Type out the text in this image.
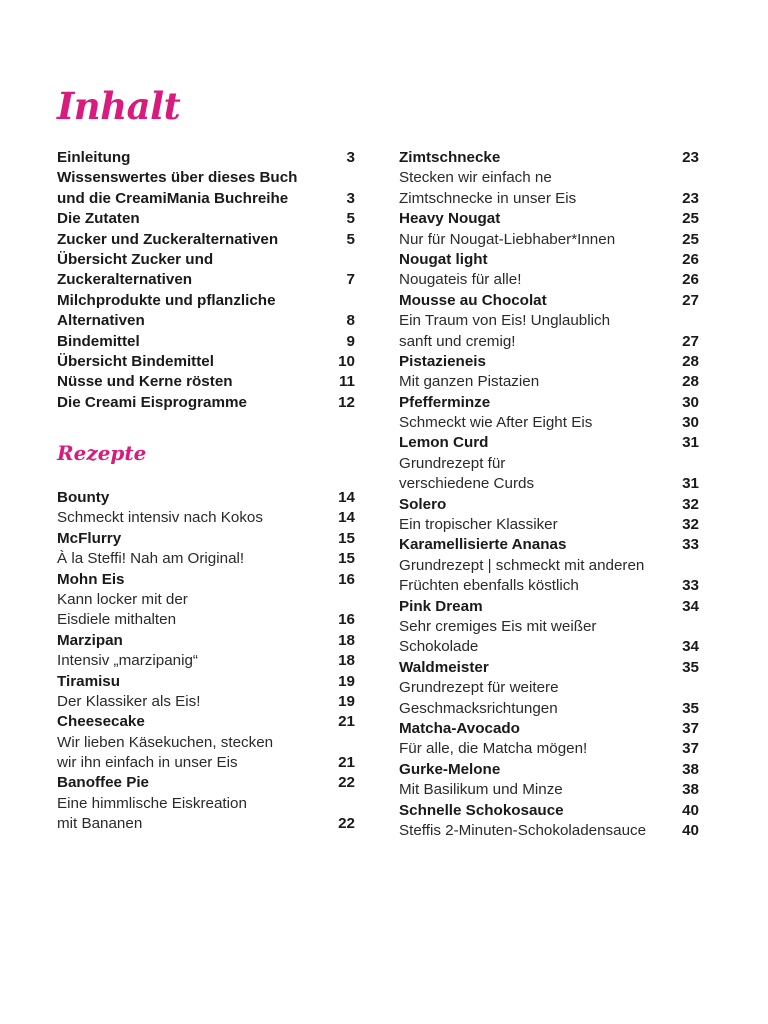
Inhalt
Einleitung	3
Wissenswertes über dieses Buch
und die CreamiMania Buchreihe	3
Die Zutaten	5
Zucker und Zuckeralternativen	5
Übersicht Zucker und
Zuckeralternativen	7
Milchprodukte und pflanzliche
Alternativen	8
Bindemittel	9
Übersicht Bindemittel	10
Nüsse und Kerne rösten	11
Die Creami Eisprogramme	12
Rezepte
Bounty	14
Schmeckt intensiv nach Kokos	14
McFlurry	15
À la Steffi! Nah am Original!	15
Mohn Eis	16
Kann locker mit der
Eisdiele mithalten	16
Marzipan	18
Intensiv „marzipanig“	18
Tiramisu	19
Der Klassiker als Eis!	19
Cheesecake	21
Wir lieben Käsekuchen, stecken
wir ihn einfach in unser Eis	21
Banoffee Pie	22
Eine himmlische Eiskreation
mit Bananen	22
Zimtschnecke	23
Stecken wir einfach ne
Zimtschnecke in unser Eis	23
Heavy Nougat	25
Nur für Nougat-Liebhaber*Innen	25
Nougat light	26
Nougateis für alle!	26
Mousse au Chocolat	27
Ein Traum von Eis! Unglaublich
sanft und cremig!	27
Pistazieneis	28
Mit ganzen Pistazien	28
Pfefferminze	30
Schmeckt wie After Eight Eis	30
Lemon Curd	31
Grundrezept für
verschiedene Curds	31
Solero	32
Ein tropischer Klassiker	32
Karamellisierte Ananas	33
Grundrezept | schmeckt mit anderen
Früchten ebenfalls köstlich	33
Pink Dream	34
Sehr cremiges Eis mit weißer
Schokolade	34
Waldmeister	35
Grundrezept für weitere
Geschmacksrichtungen	35
Matcha-Avocado	37
Für alle, die Matcha mögen!	37
Gurke-Melone	38
Mit Basilikum und Minze	38
Schnelle Schokosauce	40
Steffis 2-Minuten-Schokoladensauce	40
